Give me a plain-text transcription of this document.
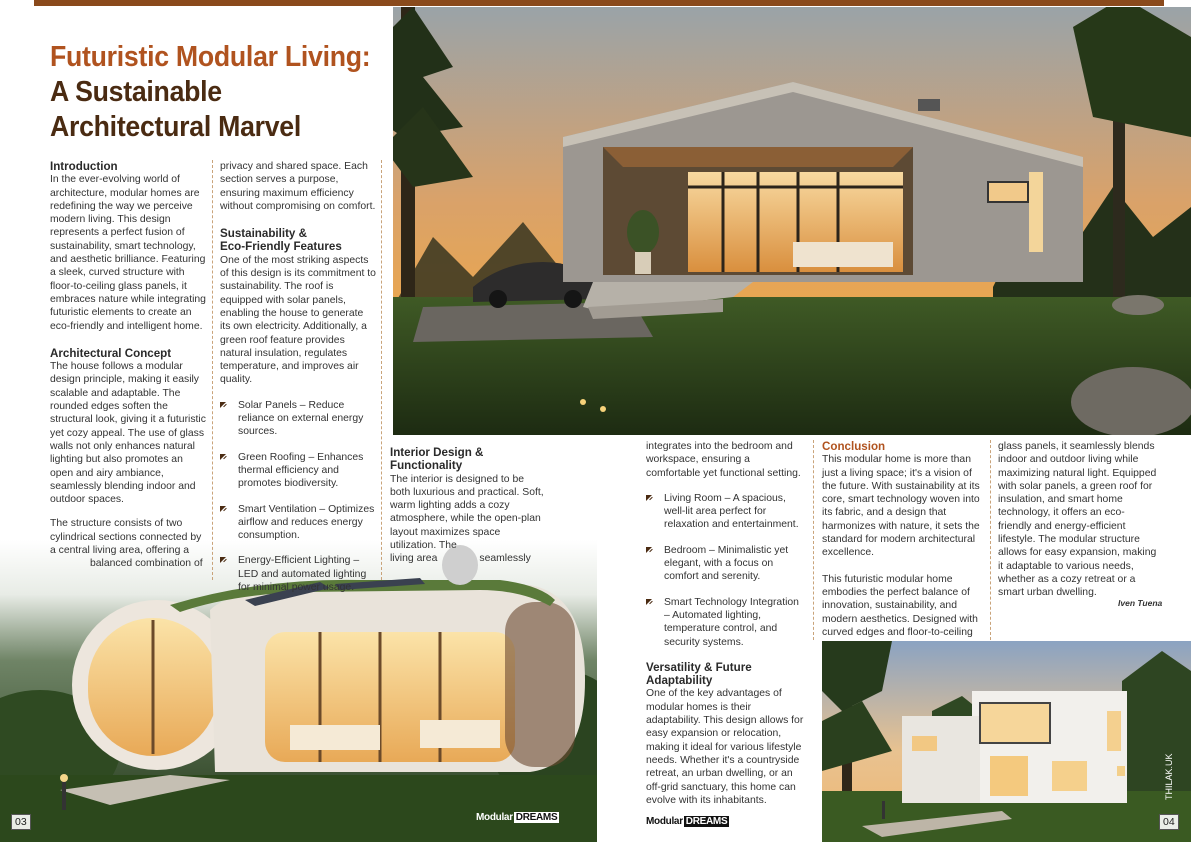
Futuristic Modular Living:
A Sustainable
Architectural Marvel
Introduction

In the ever-evolving world of architecture, modular homes are redefining the way we perceive modern living. This design represents a perfect fusion of sustainability, smart technology, and aesthetic brilliance. Featuring a sleek, curved structure with floor-to-ceiling glass panels, it embraces nature while integrating futuristic elements to create an eco-friendly and intelligent home.

Architectural Concept

The house follows a modular design principle, making it easily scalable and adaptable. The rounded edges soften the structural look, giving it a futuristic yet cozy appeal. The use of glass walls not only enhances natural lighting but also promotes an open and airy ambiance, seamlessly blending indoor and outdoor spaces.

The structure consists of two cylindrical sections connected by a central living area, offering a

balanced combination of

privacy and shared space. Each section serves a purpose, ensuring maximum efficiency without compromising on comfort.

Sustainability &
Eco-Friendly Features

One of the most striking aspects of this design is its commitment to sustainability. The roof is equipped with solar panels, enabling the house to generate its own electricity. Additionally, a green roof feature provides natural insulation, regulates temperature, and improves air quality.

Solar Panels – Reduce reliance on external energy sources.
Green Roofing – Enhances thermal efficiency and promotes biodiversity.
Smart Ventilation – Optimizes airflow and reduces energy consumption.
Energy-Efficient Lighting – LED and automated lighting for minimal power usage.
Interior Design &
Functionality

The interior is designed to be both luxurious and practical. Soft, warm lighting adds a cozy atmosphere, while the open-plan layout maximizes space utilization. The

living area	seamlessly

integrates into the bedroom and workspace, ensuring a comfortable yet functional setting.

Living Room – A spacious, well-lit area perfect for relaxation and entertainment.
Bedroom – Minimalistic yet elegant, with a focus on comfort and serenity.
Smart Technology Integration – Automated lighting, temperature control, and security systems.
Versatility & Future
Adaptability

One of the key advantages of modular homes is their adaptability. This design allows for easy expansion or relocation, making it ideal for various lifestyle needs. Whether it's a countryside retreat, an urban dwelling, or an off-grid sanctuary, this home can evolve with its inhabitants.

Conclusion

This modular home is more than just a living space; it's a vision of the future. With sustainability at its core, smart technology woven into its fabric, and a design that harmonizes with nature, it sets the standard for modern architectural excellence.

This futuristic modular home embodies the perfect balance of innovation, sustainability, and modern aesthetics. Designed with curved edges and floor-to-ceiling

glass panels, it seamlessly blends indoor and outdoor living while maximizing natural light. Equipped with solar panels, a green roof for insulation, and smart home technology, it offers an eco-friendly and energy-efficient lifestyle. The modular structure allows for easy expansion, making it adaptable to various needs, whether as a cozy retreat or a smart urban dwelling.

Iven Tuena
03	04
Modular DREAMS	Modular DREAMS
THILAK.UK
